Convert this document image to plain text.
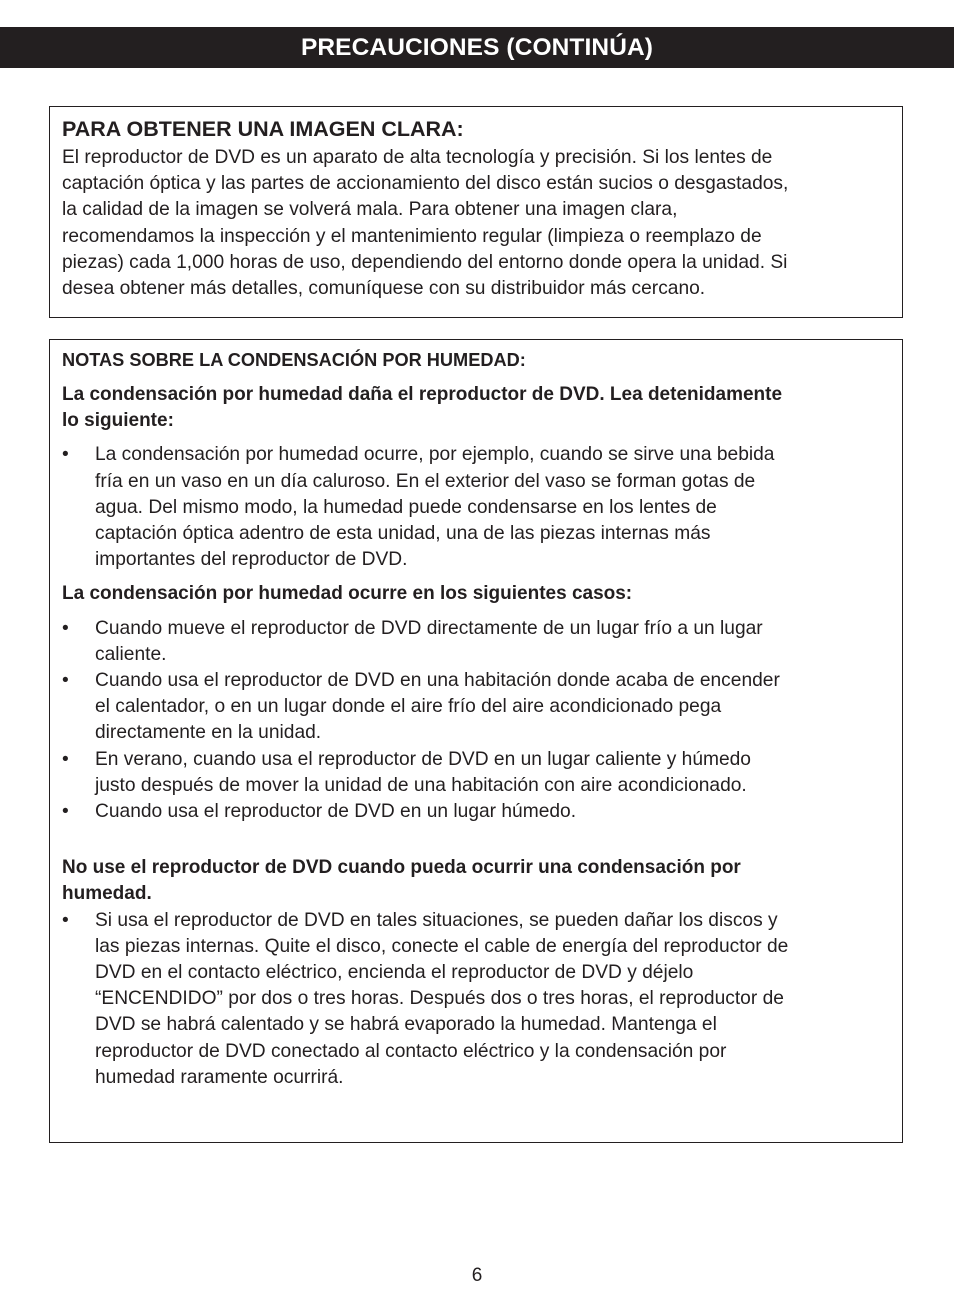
PRECAUCIONES (CONTINÚA)
PARA OBTENER UNA IMAGEN CLARA:

El reproductor de DVD es un aparato de alta tecnología y precisión. Si los lentes de
captación óptica y las partes de accionamiento del disco están sucios o desgastados,
la calidad de la imagen se volverá mala. Para obtener una imagen clara,
recomendamos la inspección y el mantenimiento regular (limpieza o reemplazo de
piezas) cada 1,000 horas de uso, dependiendo del entorno donde opera la unidad. Si
desea obtener más detalles, comuníquese con su distribuidor más cercano.

NOTAS SOBRE LA CONDENSACIÓN POR HUMEDAD:

La condensación por humedad daña el reproductor de DVD. Lea detenidamente
lo siguiente:

• La condensación por humedad ocurre, por ejemplo, cuando se sirve una bebida
fría en un vaso en un día caluroso. En el exterior del vaso se forman gotas de
agua. Del mismo modo, la humedad puede condensarse en los lentes de
captación óptica adentro de esta unidad, una de las piezas internas más
importantes del reproductor de DVD.

La condensación por humedad ocurre en los siguientes casos:

• Cuando mueve el reproductor de DVD directamente de un lugar frío a un lugar
caliente.
• Cuando usa el reproductor de DVD en una habitación donde acaba de encender
el calentador, o en un lugar donde el aire frío del aire acondicionado pega
directamente en la unidad.
• En verano, cuando usa el reproductor de DVD en un lugar caliente y húmedo
justo después de mover la unidad de una habitación con aire acondicionado.
• Cuando usa el reproductor de DVD en un lugar húmedo.

No use el reproductor de DVD cuando pueda ocurrir una condensación por
humedad.

• Si usa el reproductor de DVD en tales situaciones, se pueden dañar los discos y
las piezas internas. Quite el disco, conecte el cable de energía del reproductor de
DVD en el contacto eléctrico, encienda el reproductor de DVD y déjelo
“ENCENDIDO” por dos o tres horas. Después dos o tres horas, el reproductor de
DVD se habrá calentado y se habrá evaporado la humedad. Mantenga el
reproductor de DVD conectado al contacto eléctrico y la condensación por
humedad raramente ocurrirá.
6
